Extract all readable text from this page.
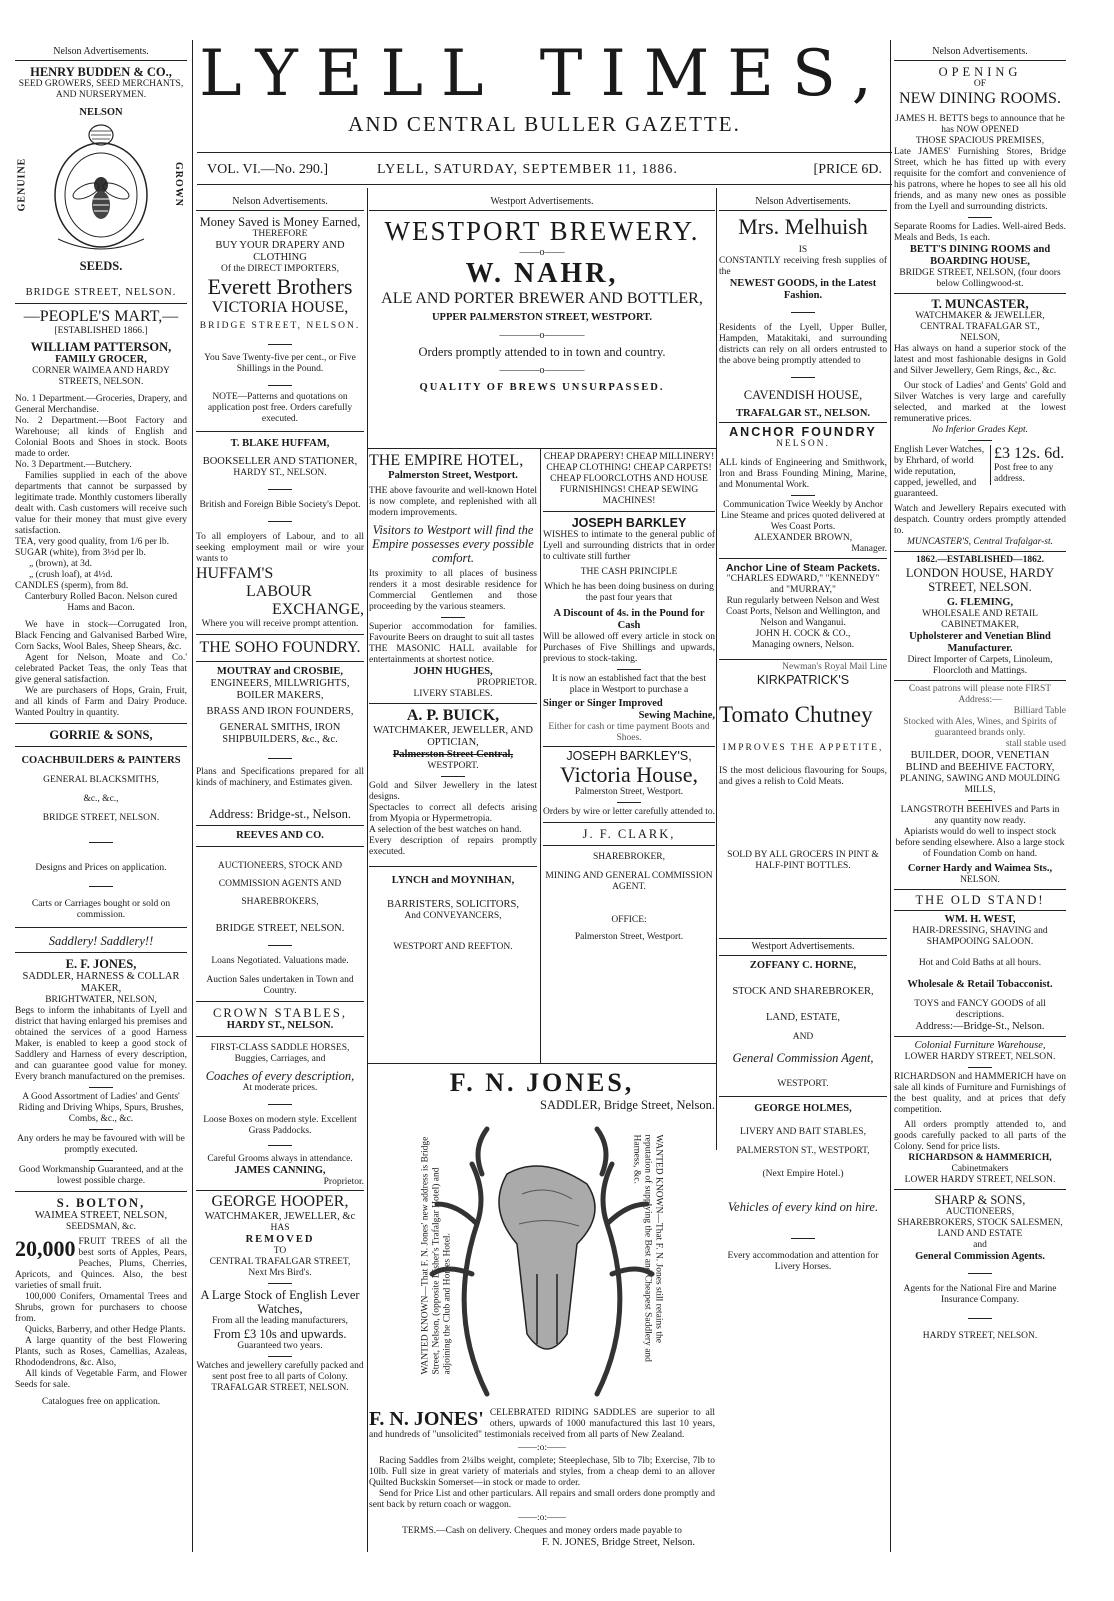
LYELL TIMES,
AND CENTRAL BULLER GAZETTE.
VOL. VI.—No. 290.]	LYELL, SATURDAY, SEPTEMBER 11, 1886.	[PRICE 6D.
Nelson Advertisements.
HENRY BUDDEN & CO.,
SEED GROWERS, SEED MERCHANTS, AND NURSERYMEN.
NELSON
GENUINE	GROWN
SEEDS.
BRIDGE STREET, NELSON.
—PEOPLE'S MART,—
[ESTABLISHED 1866.]
WILLIAM PATTERSON,
FAMILY GROCER,
CORNER WAIMEA AND HARDY STREETS, NELSON.

No. 1 Department.—Groceries, Drapery, and General Merchandise.

No. 2 Department.—Boot Factory and Warehouse; all kinds of English and Colonial Boots and Shoes in stock. Boots made to order.

No. 3 Department.—Butchery.

Families supplied in each of the above departments that cannot be surpassed by legitimate trade. Monthly customers liberally dealt with. Cash customers will receive such value for their money that must give every satisfaction.

TEA, very good quality, from 1/6 per lb.

SUGAR (white), from 3½d per lb.

„ (brown), at 3d.

„ (crush loaf), at 4½d.

CANDLES (sperm), from 8d.

Canterbury Rolled Bacon. Nelson cured Hams and Bacon.

We have in stock—Corrugated Iron, Black Fencing and Galvanised Barbed Wire, Corn Sacks, Wool Bales, Sheep Shears, &c.

Agent for Nelson, Moate and Co.' celebrated Packet Teas, the only Teas that give general satisfaction.

We are purchasers of Hops, Grain, Fruit, and all kinds of Farm and Dairy Produce. Wanted Poultry in quantity.

GORRIE & SONS,
COACHBUILDERS & PAINTERS
GENERAL BLACKSMITHS,
&c., &c.,
BRIDGE STREET, NELSON.
Designs and Prices on application.
Carts or Carriages bought or sold on commission.
Saddlery! Saddlery!!
E. F. JONES,
SADDLER, HARNESS & COLLAR MAKER,
BRIGHTWATER, NELSON,

Begs to inform the inhabitants of Lyell and district that having enlarged his premises and obtained the services of a good Harness Maker, is enabled to keep a good stock of Saddlery and Harness of every description, and can guarantee good value for money. Every branch manufactured on the premises.

A Good Assortment of Ladies' and Gents' Riding and Driving Whips, Spurs, Brushes, Combs, &c., &c.

Any orders he may be favoured with will be promptly executed.

Good Workmanship Guaranteed, and at the lowest possible charge.

S. BOLTON,
WAIMEA STREET, NELSON,
SEEDSMAN, &c.
20,000 FRUIT TREES of all the best sorts of Apples, Pears, Peaches, Plums, Cherries, Apricots, and Quinces. Also, the best varieties of small fruit.

100,000 Conifers, Ornamental Trees and Shrubs, grown for purchasers to choose from.

Quicks, Barberry, and other Hedge Plants.

A large quantity of the best Flowering Plants, such as Roses, Camellias, Azaleas, Rhododendrons, &c. Also,

All kinds of Vegetable Farm, and Flower Seeds for sale.

Catalogues free on application.

Nelson Advertisements.
Money Saved is Money Earned,
THEREFORE
BUY YOUR DRAPERY AND CLOTHING
Of the DIRECT IMPORTERS,
Everett Brothers
VICTORIA HOUSE,
BRIDGE STREET, NELSON.

You Save Twenty-five per cent., or Five Shillings in the Pound.

NOTE—Patterns and quotations on application post free. Orders carefully executed.

T. BLAKE HUFFAM,
BOOKSELLER AND STATIONER,
HARDY ST., NELSON.

British and Foreign Bible Society's Depot.

To all employers of Labour, and to all seeking employment mail or wire your wants to

HUFFAM'S
LABOUR
EXCHANGE,

Where you will receive prompt attention.

THE SOHO FOUNDRY.
MOUTRAY and CROSBIE,
ENGINEERS, MILLWRIGHTS, BOILER MAKERS,
BRASS AND IRON FOUNDERS,
GENERAL SMITHS, IRON SHIPBUILDERS, &c., &c.

Plans and Specifications prepared for all kinds of machinery, and Estimates given.

Address: Bridge-st., Nelson.
REEVES AND CO.
AUCTIONEERS, STOCK AND COMMISSION AGENTS AND SHAREBROKERS,
BRIDGE STREET, NELSON.

Loans Negotiated. Valuations made.

Auction Sales undertaken in Town and Country.

CROWN STABLES,
HARDY ST., NELSON.

FIRST-CLASS SADDLE HORSES, Buggies, Carriages, and

Coaches of every description,

At moderate prices.

Loose Boxes on modern style. Excellent Grass Paddocks.

Careful Grooms always in attendance.

JAMES CANNING,
Proprietor.
GEORGE HOOPER,
WATCHMAKER, JEWELLER, &c
HAS
REMOVED
TO
CENTRAL TRAFALGAR STREET,
Next Mrs Bird's.
A Large Stock of English Lever Watches,
From all the leading manufacturers,
From £3 10s and upwards.
Guaranteed two years.

Watches and jewellery carefully packed and sent post free to all parts of Colony.

TRAFALGAR STREET, NELSON.

Westport Advertisements.
WESTPORT BREWERY.
——o——
W. NAHR,
ALE AND PORTER BREWER AND BOTTLER,
UPPER PALMERSTON STREET, WESTPORT.
————o————
Orders promptly attended to in town and country.
————o————
QUALITY OF BREWS UNSURPASSED.
THE EMPIRE HOTEL,
Palmerston Street, Westport.

THE above favourite and well-known Hotel is now complete, and replenished with all modern improvements.

Visitors to Westport will find the Empire possesses every possible comfort.

Its proximity to all places of business renders it a most desirable residence for Commercial Gentlemen and those proceeding by the various steamers.

Superior accommodation for families. Favourite Beers on draught to suit all tastes

THE MASONIC HALL available for entertainments at shortest notice.

JOHN HUGHES,
PROPRIETOR.
LIVERY STABLES.
A. P. BUICK,
WATCHMAKER, JEWELLER, AND OPTICIAN,
Palmerston Street Central,
WESTPORT.

Gold and Silver Jewellery in the latest designs.

Spectacles to correct all defects arising from Myopia or Hypermetropia.

A selection of the best watches on hand.

Every description of repairs promptly executed.

LYNCH and MOYNIHAN,
BARRISTERS, SOLICITORS,
And CONVEYANCERS,
WESTPORT AND REEFTON.

CHEAP DRAPERY! CHEAP MILLINERY! CHEAP CLOTHING! CHEAP CARPETS! CHEAP FLOORCLOTHS AND HOUSE FURNISHINGS! CHEAP SEWING MACHINES!

JOSEPH BARKLEY

WISHES to intimate to the general public of Lyell and surrounding districts that in order to cultivate still further

THE CASH PRINCIPLE

Which he has been doing business on during the past four years that

A Discount of 4s. in the Pound for Cash

Will be allowed off every article in stock on Purchases of Five Shillings and upwards, previous to stock-taking.

It is now an established fact that the best place in Westport to purchase a

Singer or Singer Improved
Sewing Machine,
Either for cash or time payment Boots and Shoes.
JOSEPH BARKLEY'S,
Victoria House,
Palmerston Street, Westport.

Orders by wire or letter carefully attended to.

J. F. CLARK,
SHAREBROKER,
MINING AND GENERAL COMMISSION AGENT.
OFFICE:
Palmerston Street, Westport.
F. N. JONES,
SADDLER, Bridge Street, Nelson.
WANTED KNOWN—That F. N. Jones' new address is Bridge Street, Nelson, (opposite Disher's Trafalgar Hotel) and adjoining the Club and Horses Hotel.	WANTED KNOWN—That F. N. Jones still retains the reputation of supplying the Best and Cheapest Saddlery and Harness, &c.
F. N. JONES' CELEBRATED RIDING SADDLES are superior to all others, upwards of 1000 manufactured this last 10 years, and hundreds of "unsolicited" testimonials received from all parts of New Zealand.

——:o:——

Racing Saddles from 2¼lbs weight, complete; Steeplechase, 5lb to 7lb; Exercise, 7lb to 10lb. Full size in great variety of materials and styles, from a cheap demi to an allover Quilted Buckskin Somerset—in stock or made to order.

Send for Price List and other particulars. All repairs and small orders done promptly and sent back by return coach or waggon.

——:o:——

TERMS.—Cash on delivery. Cheques and money orders made payable to

F. N. JONES, Bridge Street, Nelson.
Nelson Advertisements.
Mrs. Melhuish
IS

CONSTANTLY receiving fresh supplies of the

NEWEST GOODS, in the Latest Fashion.

Residents of the Lyell, Upper Buller, Hampden, Matakitaki, and surrounding districts can rely on all orders entrusted to the above being promptly attended to

CAVENDISH HOUSE,
TRAFALGAR ST., NELSON.
ANCHOR FOUNDRY
NELSON.

ALL kinds of Engineering and Smithwork, Iron and Brass Founding Mining, Marine, and Monumental Work.

Communication Twice Weekly by Anchor Line Steame and prices quoted delivered at Wes Coast Ports.

ALEXANDER BROWN,
Manager.
Anchor Line of Steam Packets.
"CHARLES EDWARD," "KENNEDY" and "MURRAY,"

Run regularly between Nelson and West Coast Ports, Nelson and Wellington, and Nelson and Wanganui.

JOHN H. COCK & CO.,
Managing owners, Nelson.
Newman's Royal Mail Line
KIRKPATRICK'S
Tomato Chutney
IMPROVES THE APPETITE,

IS the most delicious flavouring for Soups, and gives a relish to Cold Meats.

SOLD BY ALL GROCERS IN PINT & HALF-PINT BOTTLES.
Westport Advertisements.
ZOFFANY C. HORNE,
STOCK AND SHAREBROKER,
LAND, ESTATE,
AND
General Commission Agent,
WESTPORT.
GEORGE HOLMES,
LIVERY AND BAIT STABLES,
PALMERSTON ST., WESTPORT,
(Next Empire Hotel.)
Vehicles of every kind on hire.

Every accommodation and attention for Livery Horses.

Nelson Advertisements.
OPENING
OF
NEW DINING ROOMS.

JAMES H. BETTS begs to announce that he has NOW OPENED

THOSE SPACIOUS PREMISES,

Late JAMES' Furnishing Stores, Bridge Street, which he has fitted up with every requisite for the comfort and convenience of his patrons, where he hopes to see all his old friends, and as many new ones as possible from the Lyell and surrounding districts.

Separate Rooms for Ladies. Well-aired Beds. Meals and Beds, 1s each.

BETT'S DINING ROOMS and BOARDING HOUSE,

BRIDGE STREET, NELSON, (four doors below Collingwood-st.

T. MUNCASTER,
WATCHMAKER & JEWELLER,
CENTRAL TRAFALGAR ST.,
NELSON,

Has always on hand a superior stock of the latest and most fashionable designs in Gold and Silver Jewellery, Gem Rings, &c., &c.

Our stock of Ladies' and Gents' Gold and Silver Watches is very large and carefully selected, and marked at the lowest remunerative prices.

No Inferior Grades Kept.

English Lever Watches, by Ehrhard, of world wide reputation, capped, jewelled, and guaranteed.

£3 12s. 6d.

Post free to any address.

Watch and Jewellery Repairs executed with despatch. Country orders promptly attended to.

MUNCASTER'S, Central Trafalgar-st.
1862.—ESTABLISHED—1862.
LONDON HOUSE, HARDY STREET, NELSON.
G. FLEMING,
WHOLESALE AND RETAIL CABINETMAKER,
Upholsterer and Venetian Blind Manufacturer.

Direct Importer of Carpets, Linoleum, Floorcloth and Mattings.

Coast patrons will please note FIRST Address:—

Billiard Table

Stocked with Ales, Wines, and Spirits of guaranteed brands only.

stall stable used
BUILDER, DOOR, VENETIAN BLIND and BEEHIVE FACTORY,
PLANING, SAWING AND MOULDING MILLS,

LANGSTROTH BEEHIVES and Parts in any quantity now ready.

Apiarists would do well to inspect stock before sending elsewhere. Also a large stock of Foundation Comb on hand.

Corner Hardy and Waimea Sts.,
NELSON.
THE OLD STAND!
WM. H. WEST,
HAIR-DRESSING, SHAVING and SHAMPOOING SALOON.
Hot and Cold Baths at all hours.
Wholesale & Retail Tobacconist.

TOYS and FANCY GOODS of all descriptions.

Address:—Bridge-St., Nelson.
Colonial Furniture Warehouse,
LOWER HARDY STREET, NELSON.

RICHARDSON and HAMMERICH have on sale all kinds of Furniture and Furnishings of the best quality, and at prices that defy competition.

All orders promptly attended to, and goods carefully packed to all parts of the Colony. Send for price lists.

RICHARDSON & HAMMERICH,
Cabinetmakers
LOWER HARDY STREET, NELSON.
SHARP & SONS,
AUCTIONEERS,
SHAREBROKERS, STOCK SALESMEN, LAND AND ESTATE
and
General Commission Agents.

Agents for the National Fire and Marine Insurance Company.

HARDY STREET, NELSON.
